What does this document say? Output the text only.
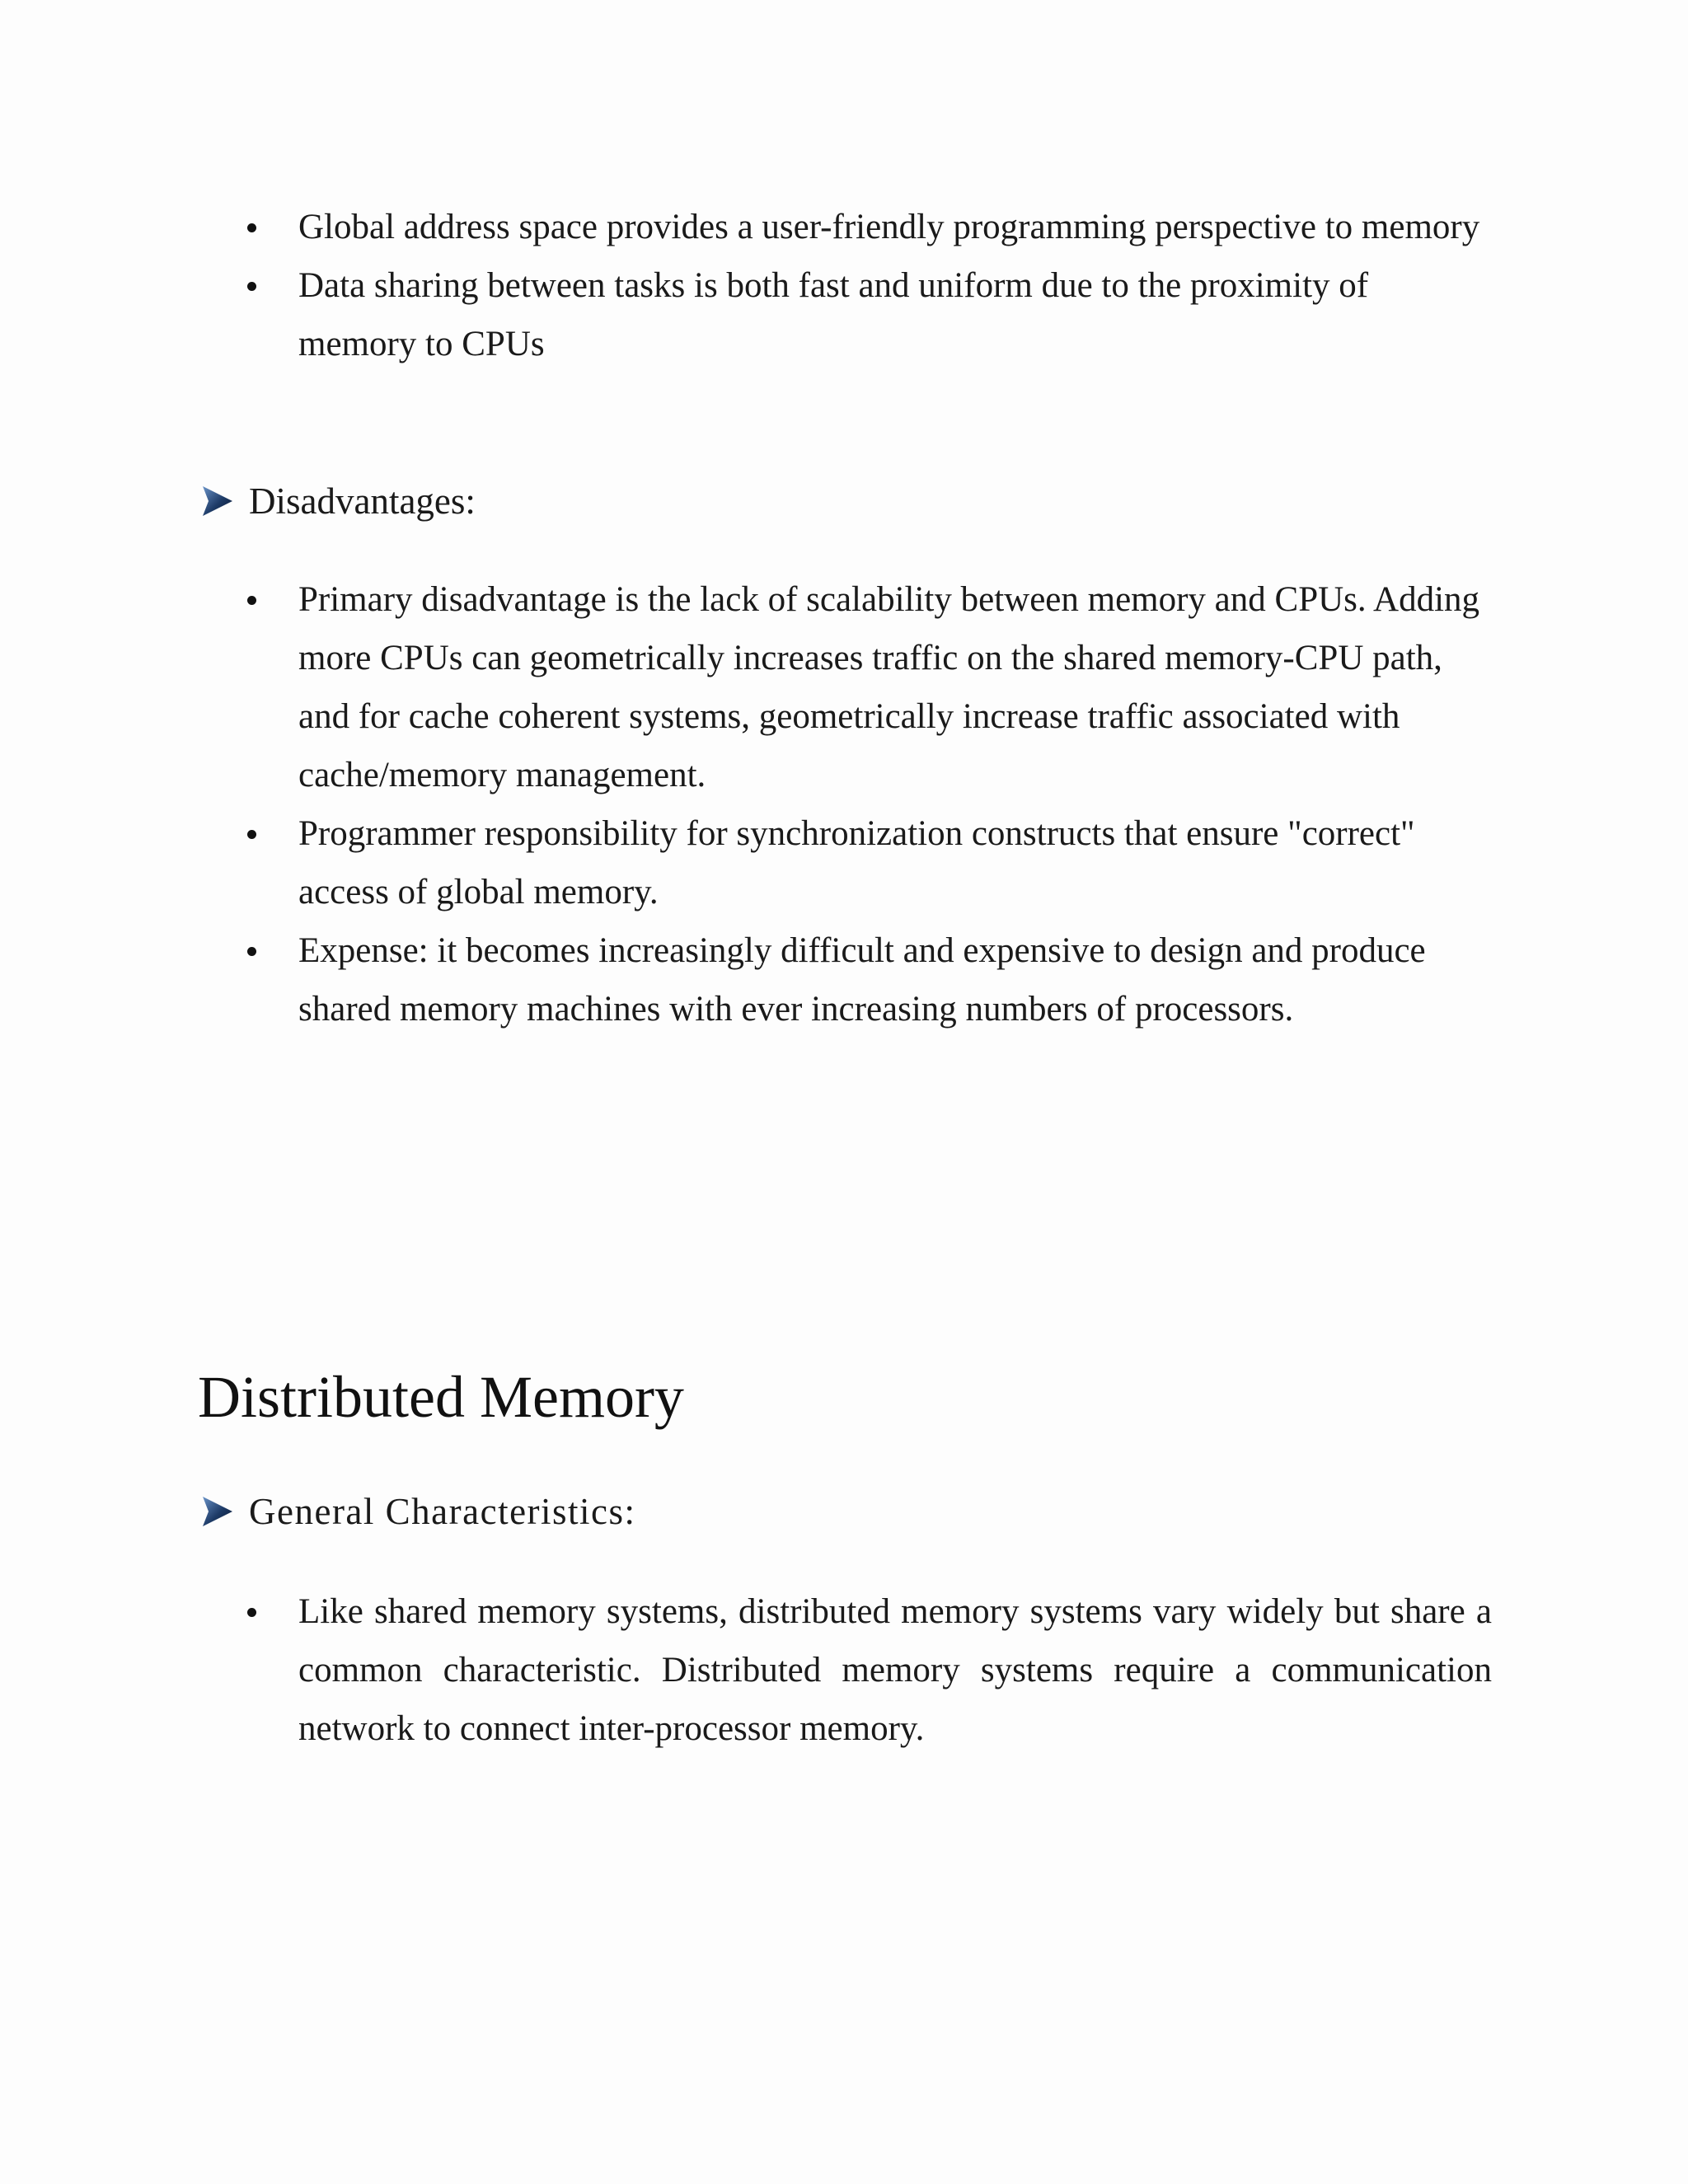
Global address space provides a user-friendly programming perspective to memory
Data sharing between tasks is both fast and uniform due to the proximity of memory to CPUs
Disadvantages:
Primary disadvantage is the lack of scalability between memory and CPUs. Adding more CPUs can geometrically increases traffic on the shared memory-CPU path, and for cache coherent systems, geometrically increase traffic associated with cache/memory management.
Programmer responsibility for synchronization constructs that ensure "correct" access of global memory.
Expense: it becomes increasingly difficult and expensive to design and produce shared memory machines with ever increasing numbers of processors.
Distributed Memory
General Characteristics:
Like shared memory systems, distributed memory systems vary widely but share a common characteristic. Distributed memory systems require a communication network to connect inter-processor memory.
